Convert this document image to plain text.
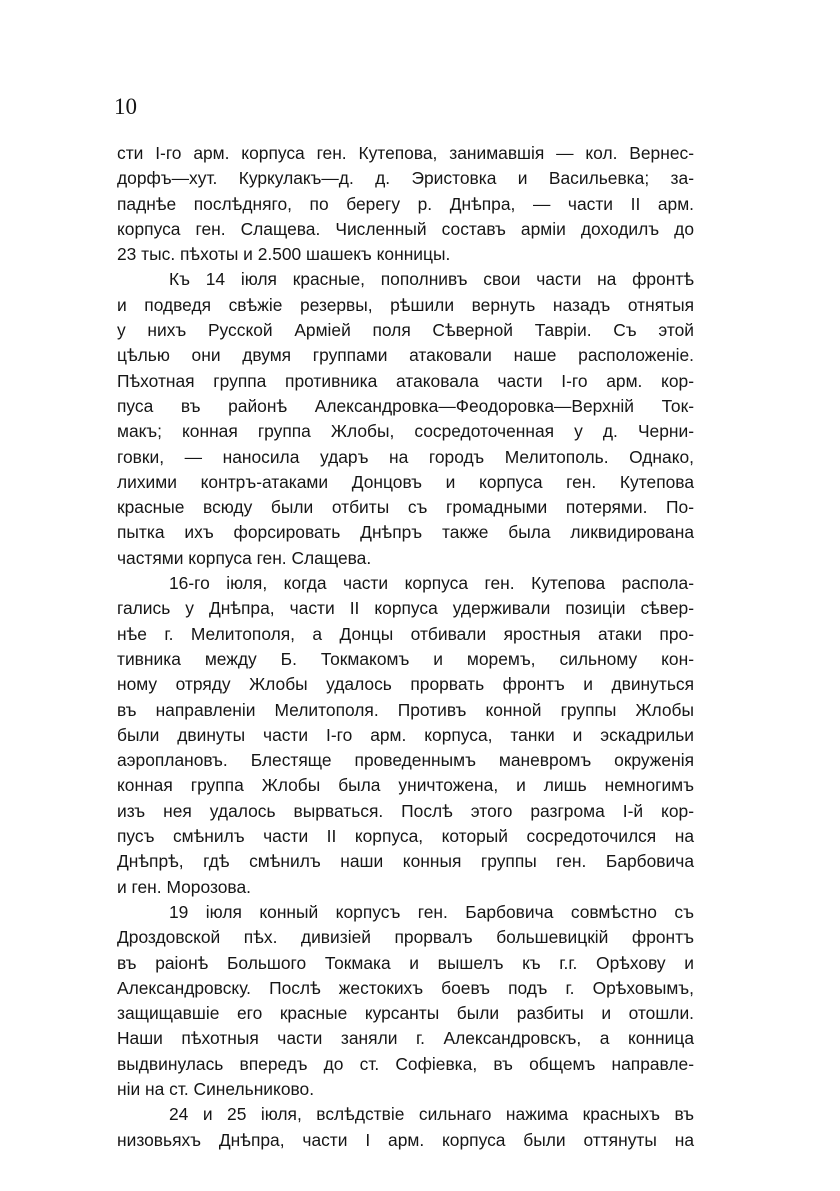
10
сти I-го арм. корпуса ген. Кутепова, занимавшія — кол. Вернес-
дорфъ—хут. Куркулакъ—д. д. Эристовка и Васильевка; за-
паднѣе послѣдняго, по берегу р. Днѣпра, — части II арм.
корпуса ген. Слащева. Численный составъ арміи доходилъ до
23 тыс. пѣхоты и 2.500 шашекъ конницы.
Къ 14 іюля красные, пополнивъ свои части на фронтѣ
и подведя свѣжіе резервы, рѣшили вернуть назадъ отнятыя
у нихъ Русской Арміей поля Сѣверной Тавріи. Съ этой
цѣлью они двумя группами атаковали наше расположеніе.
Пѣхотная группа противника атаковала части I-го арм. кор-
пуса въ районѣ Александровка—Феодоровка—Верхній Ток-
макъ; конная группа Жлобы, сосредоточенная у д. Черни-
говки, — наносила ударъ на городъ Мелитополь. Однако,
лихими контръ-атаками Донцовъ и корпуса ген. Кутепова
красные всюду были отбиты съ громадными потерями. По-
пытка ихъ форсировать Днѣпръ также была ликвидирована
частями корпуса ген. Слащева.
16-го іюля, когда части корпуса ген. Кутепова распола-
гались у Днѣпра, части II корпуса удерживали позиціи сѣвер-
нѣе г. Мелитополя, а Донцы отбивали яростныя атаки про-
тивника между Б. Токмакомъ и моремъ, сильному кон-
ному отряду Жлобы удалось прорвать фронтъ и двинуться
въ направленіи Мелитополя. Противъ конной группы Жлобы
были двинуты части I-го арм. корпуса, танки и эскадрильи
аэроплановъ. Блестяще проведеннымъ маневромъ окруженія
конная группа Жлобы была уничтожена, и лишь немногимъ
изъ нея удалось вырваться. Послѣ этого разгрома I-й кор-
пусъ смѣнилъ части II корпуса, который сосредоточился на
Днѣпрѣ, гдѣ смѣнилъ наши конныя группы ген. Барбовича
и ген. Морозова.
19 іюля конный корпусъ ген. Барбовича совмѣстно съ
Дроздовской пѣх. дивизіей прорвалъ большевицкій фронтъ
въ раіонѣ Большого Токмака и вышелъ къ г.г. Орѣхову и
Александровску. Послѣ жестокихъ боевъ подъ г. Орѣховымъ,
защищавшіе его красные курсанты были разбиты и отошли.
Наши пѣхотныя части заняли г. Александровскъ, а конница
выдвинулась впередъ до ст. Софіевка, въ общемъ направле-
ніи на ст. Синельниково.
24 и 25 іюля, вслѣдствіе сильнаго нажима красныхъ въ
низовьяхъ Днѣпра, части I арм. корпуса были оттянуты на
